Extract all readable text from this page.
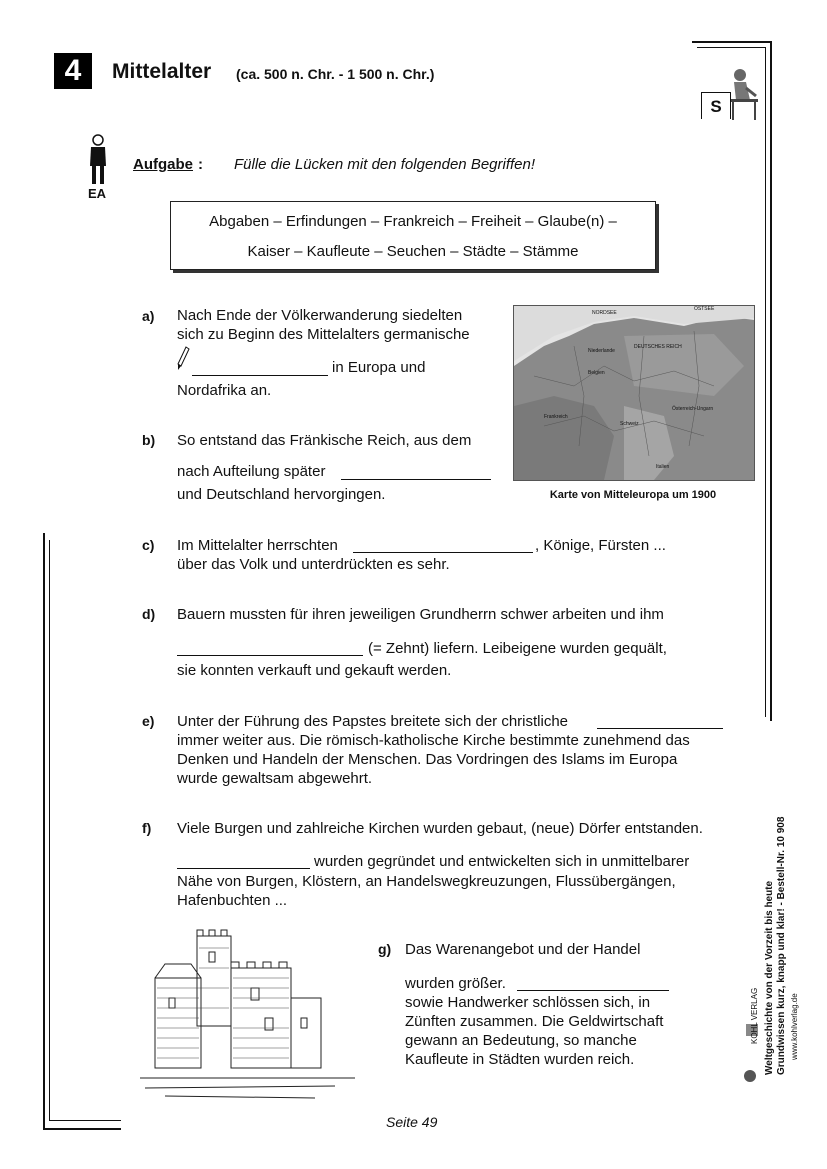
4	Mittelalter (ca. 500 n. Chr. - 1 500 n. Chr.)
S
EA
Aufgabe : Fülle die Lücken mit den folgenden Begriffen!
Abgaben – Erfindungen – Frankreich – Freiheit – Glaube(n) –
Kaiser – Kaufleute – Seuchen – Städte – Stämme
a) Nach Ende der Völkerwanderung siedelten
sich zu Beginn des Mittelalters germanische
in Europa und
Nordafrika an.
b) So entstand das Fränkische Reich, aus dem
nach Aufteilung später
und Deutschland hervorgingen.
NORDSEE
OSTSEE
DEUTSCHES REICH
Niederlande
Belgien
Frankreich
Schweiz
Österreich-Ungarn
Italien
Karte von Mitteleuropa um 1900
c) Im Mittelalter herrschten	, Könige, Fürsten ...
über das Volk und unterdrückten es sehr.
d) Bauern mussten für ihren jeweiligen Grundherrn schwer arbeiten und ihm
(= Zehnt) liefern. Leibeigene wurden gequält,
sie konnten verkauft und gekauft werden.
e) Unter der Führung des Papstes breitete sich der christliche
immer weiter aus. Die römisch-katholische Kirche bestimmte zunehmend das
Denken und Handeln der Menschen. Das Vordringen des Islams im Europa
wurde gewaltsam abgewehrt.
f) Viele Burgen und zahlreiche Kirchen wurden gebaut, (neue) Dörfer entstanden.
wurden gegründet und entwickelten sich in unmittelbarer
Nähe von Burgen, Klöstern, an Handelswegkreuzungen, Flussübergängen,
Hafenbuchten ...
g) Das Warenangebot und der Handel
wurden größer.
sowie Handwerker schlössen sich, in
Zünften zusammen. Die Geldwirtschaft
gewann an Bedeutung, so manche
Kaufleute in Städten wurden reich.
Seite 49
Weltgeschichte von der Vorzeit bis heute Grundwissen kurz, knapp und klar! - Bestell-Nr. 10 908 www.kohlverlag.de
KOHL VERLAG
